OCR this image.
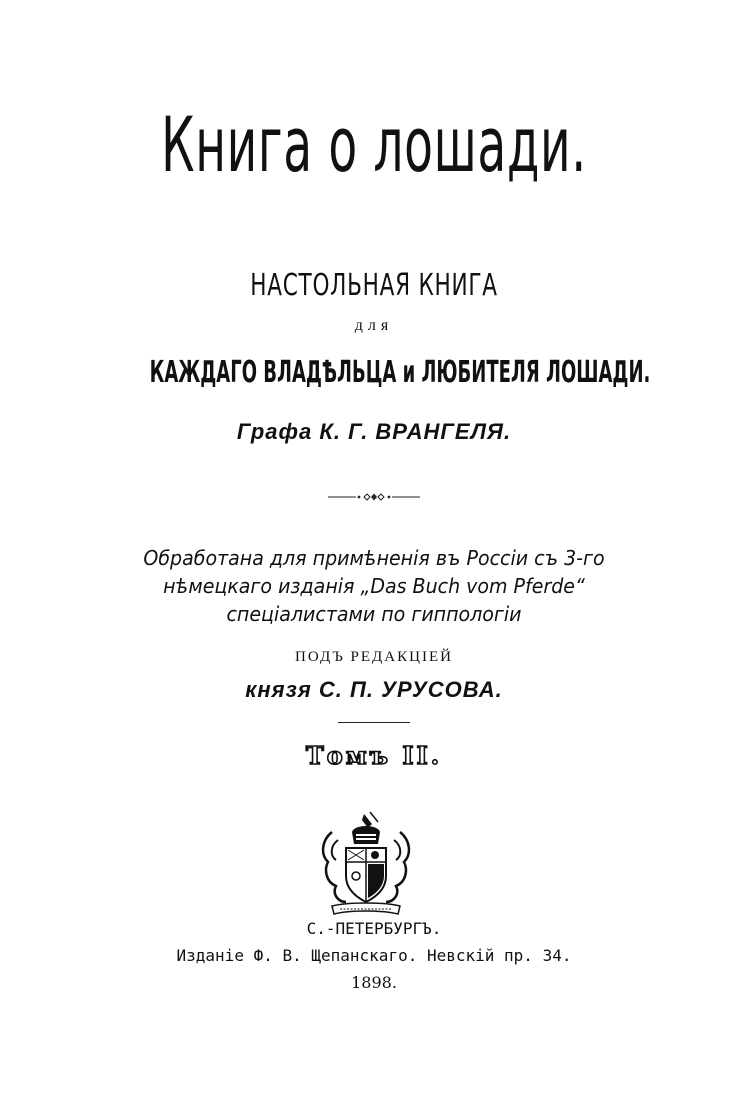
Книга о лошади.
НАСТОЛЬНАЯ КНИГА
для
КАЖДАГО ВЛАДѢЛЬЦА и ЛЮБИТЕЛЯ ЛОШАДИ.
Графа К. Г. ВРАНГЕЛЯ.
Обработана для примѣненія въ Россіи съ 3-го
нѣмецкаго изданія „Das Buch vom Pferde“
спеціалистами по гиппологіи
ПОДЪ РЕДАКЦІЕЙ
князя С. П. УРУСОВА.
Томъ II.
С.-ПЕТЕРБУРГЪ.
Изданіе Ф. В. Щепанскаго. Невскій пр. 34.
1898.
